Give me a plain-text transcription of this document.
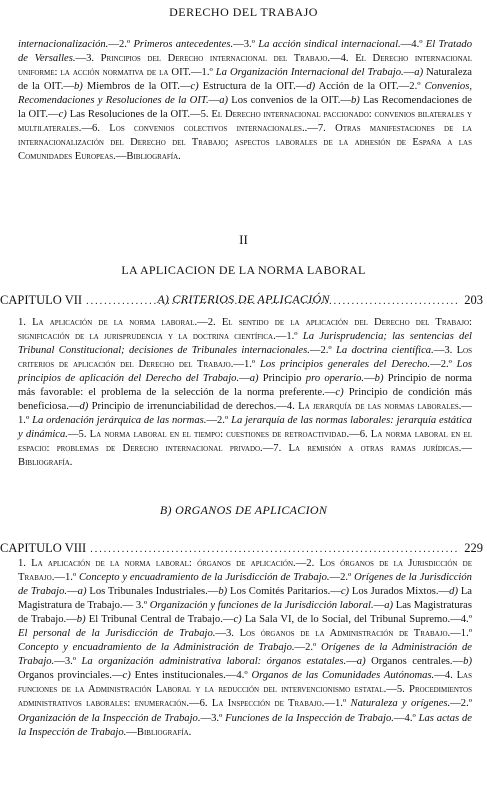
DERECHO DEL TRABAJO
internacionalización.—2.º Primeros antecedentes.—3.º La acción sindical internacional.—4.º El Tratado de Versalles.—3. Principios del Derecho internacional del Trabajo.—4. El Derecho internacional uniforme: la acción normativa de la OIT.—1.º La Organización Internacional del Trabajo.—a) Naturaleza de la OIT.—b) Miembros de la OIT.—c) Estructura de la OIT.—d) Acción de la OIT.—2.º Convenios, Recomendaciones y Resoluciones de la OIT.—a) Los convenios de la OIT.—b) Las Recomendaciones de la OIT.—c) Las Resoluciones de la OIT.—5. El Derecho internacional paccionado: convenios bilaterales y multilaterales.—6. Los convenios colectivos internacionales..—7. Otras manifestaciones de la internacionalización del Derecho del Trabajo; aspectos laborales de la adhesión de España a las Comunidades Europeas.—Bibliografía.
II
LA APLICACION DE LA NORMA LABORAL
A) CRITERIOS DE APLICACIÓN
CAPITULO VII .....	203
1. La aplicación de la norma laboral.—2. El sentido de la aplicación del Derecho del Trabajo: significación de la jurisprudencia y la doctrina científica.—1.º La Jurisprudencia; las sentencias del Tribunal Constitucional; decisiones de Tribunales internacionales.—2.º La doctrina científica.—3. Los criterios de aplicación del Derecho del Trabajo.—1.º Los principios generales del Derecho.—2.º Los principios de aplicación del Derecho del Trabajo.—a) Principio pro operario.—b) Principio de norma más favorable: el problema de la selección de la norma preferente.—c) Principio de condición más beneficiosa.—d) Principio de irrenunciabilidad de derechos.—4. La jerarquía de las normas laborales.—1.º La ordenación jerárquica de las normas.—2.º La jerarquía de las normas laborales: jerarquía estática y dinámica.—5. La norma laboral en el tiempo: cuestiones de retroactividad.—6. La norma laboral en el espacio: problemas de Derecho internacional privado.—7. La remisión a otras ramas jurídicas.—Bibliografía.
B) ORGANOS DE APLICACION
CAPITULO VIII .....	229
1. La aplicación de la norma laboral: órganos de aplicación.—2. Los órganos de la Jurisdicción de Trabajo.—1.º Concepto y encuadramiento de la Jurisdicción de Trabajo.—2.º Orígenes de la Jurisdicción de Trabajo.—a) Los Tribunales Industriales.—b) Los Comités Paritarios.—c) Los Jurados Mixtos.—d) La Magistratura de Trabajo.— 3.º Organización y funciones de la Jurisdicción laboral.—a) Las Magistraturas de Trabajo.—b) El Tribunal Central de Trabajo.—c) La Sala VI, de lo Social, del Tribunal Supremo.—4.º El personal de la Jurisdicción de Trabajo.—3. Los órganos de la Administración de Trabajo.—1.º Concepto y encuadramiento de la Administración de Trabajo.—2.º Orígenes de la Administración de Trabajo.—3.º La organización administrativa laboral: órganos estatales.—a) Organos centrales.—b) Organos provinciales.—c) Entes institucionales.—4.º Organos de las Comunidades Autónomas.—4. Las funciones de la Administración Laboral y la reducción del intervencionismo estatal.—5. Procedimientos administrativos laborales: enumeración.—6. La Inspección de Trabajo.—1.º Naturaleza y orígenes.—2.º Organización de la Inspección de Trabajo.—3.º Funciones de la Inspección de Trabajo.—4.º Las actas de la Inspección de Trabajo.—Bibliografía.
